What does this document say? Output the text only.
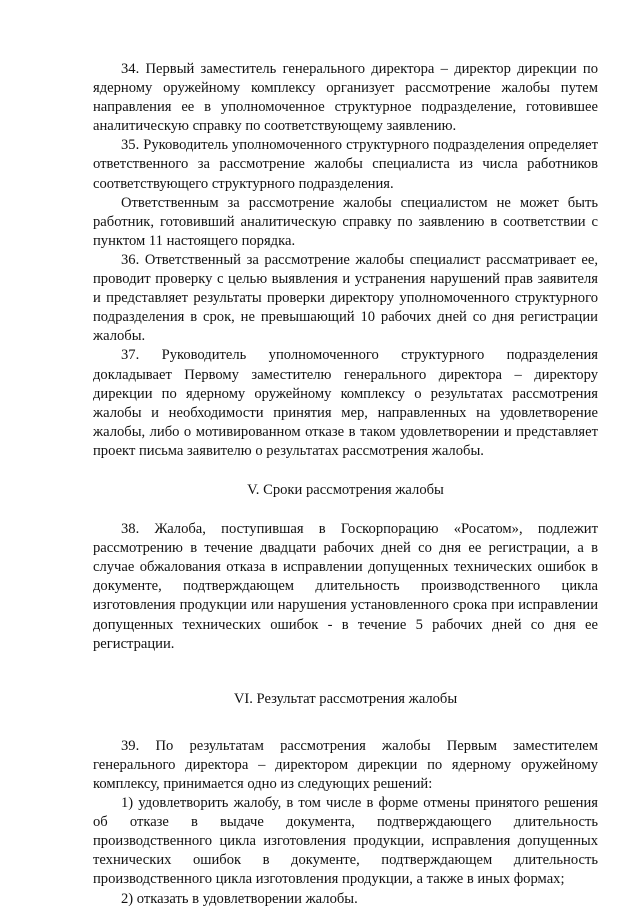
34. Первый заместитель генерального директора – директор дирекции по ядерному оружейному комплексу организует рассмотрение жалобы путем направления ее в уполномоченное структурное подразделение, готовившее аналитическую справку по соответствующему заявлению.

35. Руководитель уполномоченного структурного подразделения определяет ответственного за рассмотрение жалобы специалиста из числа работников соответствующего структурного подразделения.

Ответственным за рассмотрение жалобы специалистом не может быть работник, готовивший аналитическую справку по заявлению в соответствии с пунктом 11 настоящего порядка.

36. Ответственный за рассмотрение жалобы специалист рассматривает ее, проводит проверку с целью выявления и устранения нарушений прав заявителя и представляет результаты проверки директору уполномоченного структурного подразделения в срок, не превышающий 10 рабочих дней со дня регистрации жалобы.

37. Руководитель уполномоченного структурного подразделения докладывает Первому заместителю генерального директора – директору дирекции по ядерному оружейному комплексу о результатах рассмотрения жалобы и необходимости принятия мер, направленных на удовлетворение жалобы, либо о мотивированном отказе в таком удовлетворении и представляет проект письма заявителю о результатах рассмотрения жалобы.

V. Сроки рассмотрения жалобы

38. Жалоба, поступившая в Госкорпорацию «Росатом», подлежит рассмотрению в течение двадцати рабочих дней со дня ее регистрации, а в случае обжалования отказа в исправлении допущенных технических ошибок в документе, подтверждающем длительность производственного цикла изготовления продукции или нарушения установленного срока при исправлении допущенных технических ошибок - в течение 5 рабочих дней со дня ее регистрации.

VI. Результат рассмотрения жалобы

39. По результатам рассмотрения жалобы Первым заместителем генерального директора – директором дирекции по ядерному оружейному комплексу, принимается одно из следующих решений:

1) удовлетворить жалобу, в том числе в форме отмены принятого решения об отказе в выдаче документа, подтверждающего длительность производственного цикла изготовления продукции, исправления допущенных технических ошибок в документе, подтверждающем длительность производственного цикла изготовления продукции, а также в иных формах;

2) отказать в удовлетворении жалобы.
